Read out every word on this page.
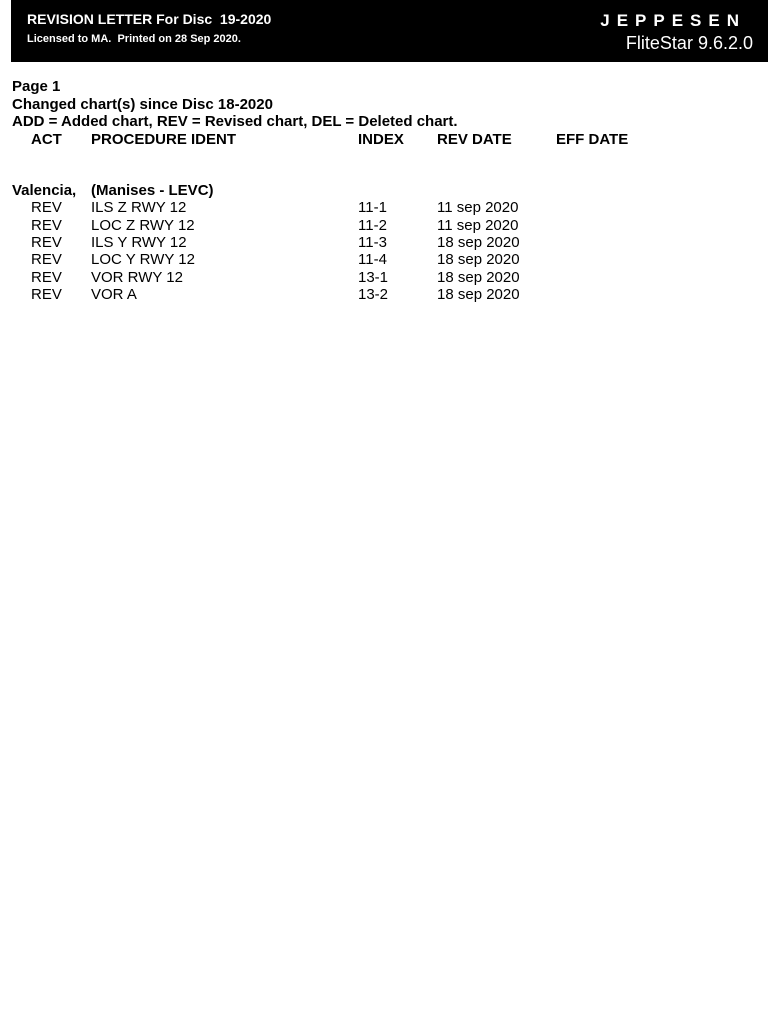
REVISION LETTER For Disc  19-2020
Licensed to MA.  Printed on 28 Sep 2020.
JEPPESEN
FliteStar 9.6.2.0
Page 1
Changed chart(s) since Disc 18-2020
ADD = Added chart, REV = Revised chart, DEL = Deleted chart.
ACT PROCEDURE IDENT	INDEX REV DATE	EFF DATE
Valencia, (Manises - LEVC)
REV ILS Z RWY 12	11-1	11 sep 2020
REV LOC Z RWY 12	11-2	11 sep 2020
REV ILS Y RWY 12	11-3	18 sep 2020
REV LOC Y RWY 12	11-4	18 sep 2020
REV VOR RWY 12	13-1	18 sep 2020
REV VOR A	13-2	18 sep 2020
